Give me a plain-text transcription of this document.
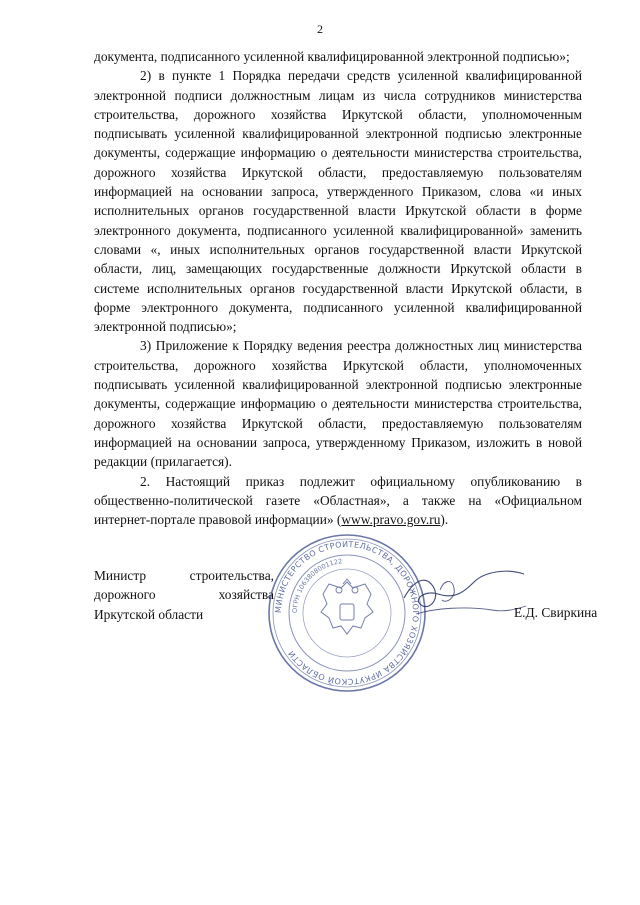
2

документа, подписанного усиленной квалифицированной электронной подписью»;

2) в пункте 1 Порядка передачи средств усиленной квалифицированной электронной подписи должностным лицам из числа сотрудников министерства строительства, дорожного хозяйства Иркутской области, уполномоченным подписывать усиленной квалифицированной электронной подписью электронные документы, содержащие информацию о деятельности министерства строительства, дорожного хозяйства Иркутской области, предоставляемую пользователям информацией на основании запроса, утвержденного Приказом, слова «и иных исполнительных органов государственной власти Иркутской области в форме электронного документа, подписанного усиленной квалифицированной» заменить словами «, иных исполнительных органов государственной власти Иркутской области, лиц, замещающих государственные должности Иркутской области в системе исполнительных органов государственной власти Иркутской области, в форме электронного документа, подписанного усиленной квалифицированной электронной подписью»;

3) Приложение к Порядку ведения реестра должностных лиц министерства строительства, дорожного хозяйства Иркутской области, уполномоченных подписывать усиленной квалифицированной электронной подписью электронные документы, содержащие информацию о деятельности министерства строительства, дорожного хозяйства Иркутской области, предоставляемую пользователям информацией на основании запроса, утвержденному Приказом, изложить в новой редакции (прилагается).

2. Настоящий приказ подлежит официальному опубликованию в общественно-политической газете «Областная», а также на «Официальном интернет-портале правовой информации» (www.pravo.gov.ru).

Министр	строительства,
дорожного	хозяйства
Иркутской области	МИНИСТЕРСТВО СТРОИТЕЛЬСТВА, ДОРОЖНОГО ХОЗЯЙСТВА ИРКУТСКОЙ ОБЛАСТИ
ОГРН 1063808001122
Е.Д. Свиркина
